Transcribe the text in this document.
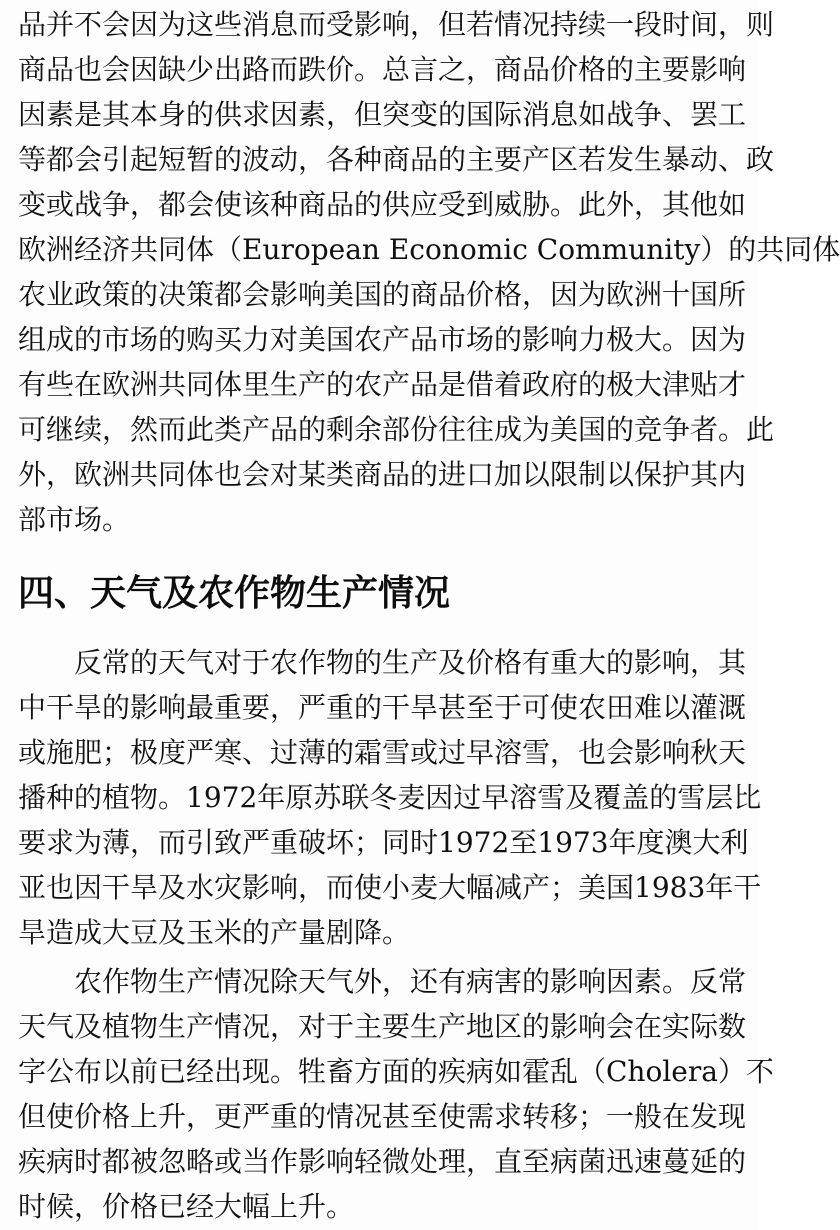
品并不会因为这些消息而受影响，但若情况持续一段时间，则
商品也会因缺少出路而跌价。总言之，商品价格的主要影响
因素是其本身的供求因素，但突变的国际消息如战争、罢工
等都会引起短暂的波动，各种商品的主要产区若发生暴动、政
变或战争，都会使该种商品的供应受到威胁。此外，其他如
欧洲经济共同体（European Economic Community）的共同体
农业政策的决策都会影响美国的商品价格，因为欧洲十国所
组成的市场的购买力对美国农产品市场的影响力极大。因为
有些在欧洲共同体里生产的农产品是借着政府的极大津贴才
可继续，然而此类产品的剩余部份往往成为美国的竞争者。此
外，欧洲共同体也会对某类商品的进口加以限制以保护其内
部市场。
四、天气及农作物生产情况
反常的天气对于农作物的生产及价格有重大的影响，其
中干旱的影响最重要，严重的干旱甚至于可使农田难以灌溉
或施肥；极度严寒、过薄的霜雪或过早溶雪，也会影响秋天
播种的植物。1972年原苏联冬麦因过早溶雪及覆盖的雪层比
要求为薄，而引致严重破坏；同时1972至1973年度澳大利
亚也因干旱及水灾影响，而使小麦大幅减产；美国1983年干
旱造成大豆及玉米的产量剧降。
农作物生产情况除天气外，还有病害的影响因素。反常
天气及植物生产情况，对于主要生产地区的影响会在实际数
字公布以前已经出现。牲畜方面的疾病如霍乱（Cholera）不
但使价格上升，更严重的情况甚至使需求转移；一般在发现
疾病时都被忽略或当作影响轻微处理，直至病菌迅速蔓延的
时候，价格已经大幅上升。
